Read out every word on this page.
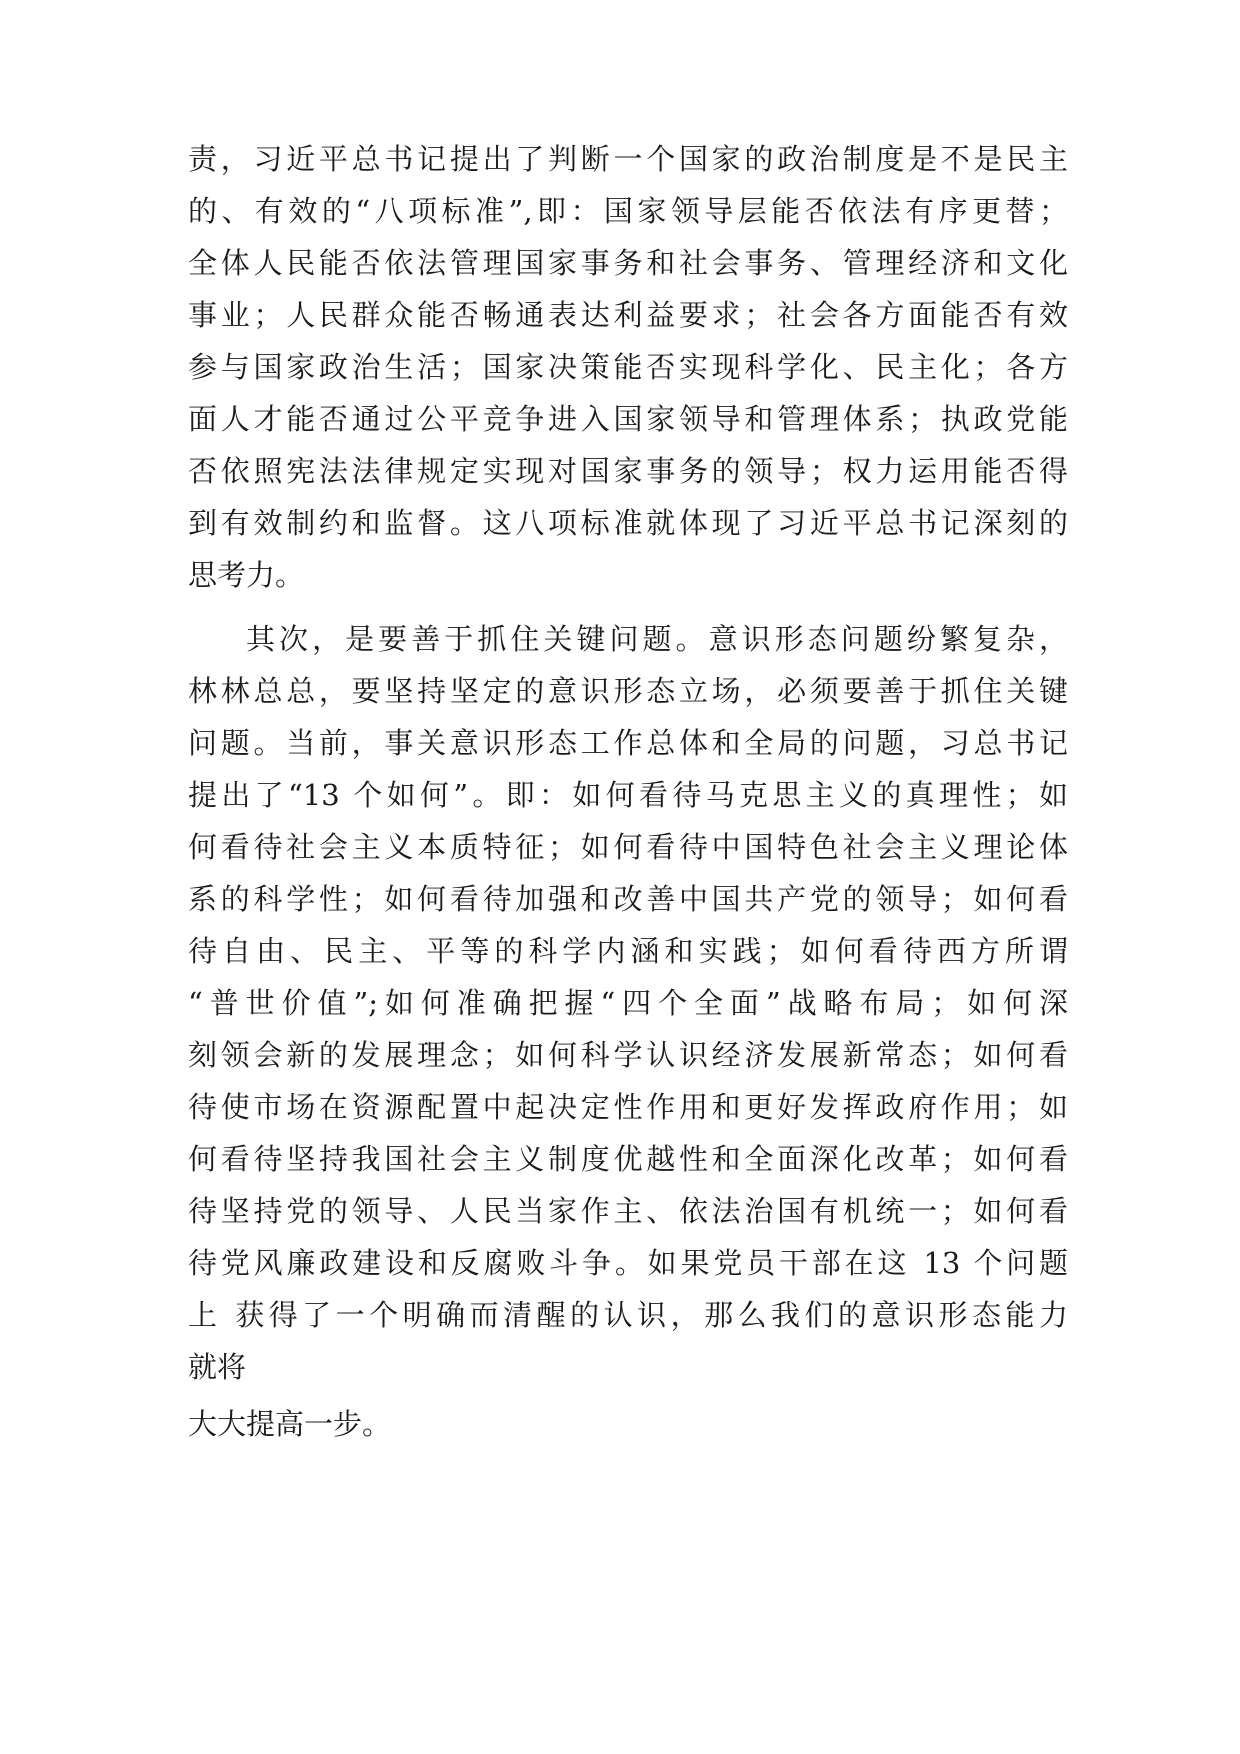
责，习近平总书记提出了判断一个国家的政治制度是不是民主
的、有效的“八项标准”,即：国家领导层能否依法有序更替；
全体人民能否依法管理国家事务和社会事务、管理经济和文化
事业；人民群众能否畅通表达利益要求；社会各方面能否有效
参与国家政治生活；国家决策能否实现科学化、民主化；各方
面人才能否通过公平竞争进入国家领导和管理体系；执政党能
否依照宪法法律规定实现对国家事务的领导；权力运用能否得
到有效制约和监督。这八项标准就体现了习近平总书记深刻的
思考力。
其次，是要善于抓住关键问题。意识形态问题纷繁复杂，
林林总总，要坚持坚定的意识形态立场，必须要善于抓住关键
问题。当前，事关意识形态工作总体和全局的问题，习总书记
提出了“13 个如何”。即：如何看待马克思主义的真理性；如
何看待社会主义本质特征；如何看待中国特色社会主义理论体
系的科学性；如何看待加强和改善中国共产党的领导；如何看
待自由、民主、平等的科学内涵和实践；如何看待西方所谓
“普世价值”;如何准确把握“四个全面”战略布局；如何深
刻领会新的发展理念；如何科学认识经济发展新常态；如何看
待使市场在资源配置中起决定性作用和更好发挥政府作用；如
何看待坚持我国社会主义制度优越性和全面深化改革；如何看
待坚持党的领导、人民当家作主、依法治国有机统一；如何看
待党风廉政建设和反腐败斗争。如果党员干部在这 13 个问题
上 获得了一个明确而清醒的认识，那么我们的意识形态能力
就将
大大提高一步。
